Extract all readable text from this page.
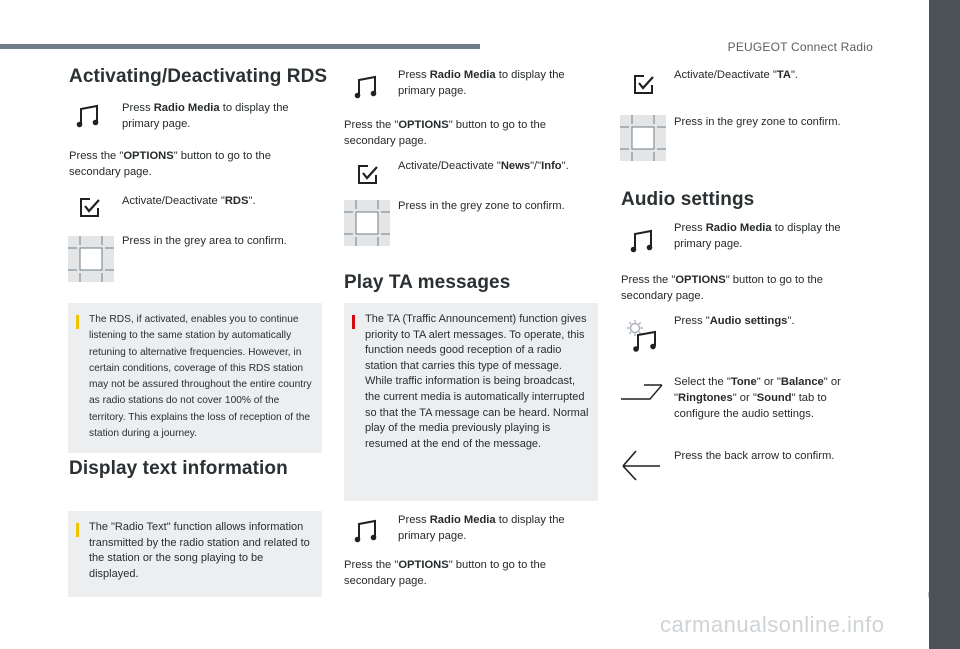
PEUGEOT Connect Radio
■
7
carmanualsonline.info
Activating/Deactivating RDS
Press Radio Media to display the primary page.
Press the "OPTIONS" button to go to the secondary page.
Activate/Deactivate "RDS".
Press in the grey area to confirm.
The RDS, if activated, enables you to continue listening to the same station by automatically retuning to alternative frequencies. However, in certain conditions, coverage of this RDS station may not be assured throughout the entire country as radio stations do not cover 100% of the territory. This explains the loss of reception of the station during a journey.
Display text information
The "Radio Text" function allows information transmitted by the radio station and related to the station or the song playing to be displayed.
Press Radio Media to display the primary page.
Press the "OPTIONS" button to go to the secondary page.
Activate/Deactivate "News"/"Info".
Press in the grey zone to confirm.
Play TA messages
The TA (Traffic Announcement) function gives priority to TA alert messages. To operate, this function needs good reception of a radio station that carries this type of message. While traffic information is being broadcast, the current media is automatically interrupted so that the TA message can be heard. Normal play of the media previously playing is resumed at the end of the message.
Press Radio Media to display the primary page.
Press the "OPTIONS" button to go to the secondary page.
Activate/Deactivate "TA".
Press in the grey zone to confirm.
Audio settings
Press Radio Media to display the primary page.
Press the "OPTIONS" button to go to the secondary page.
Press "Audio settings".
Select the "Tone" or "Balance" or "Ringtones" or "Sound" tab to configure the audio settings.
Press the back arrow to confirm.
